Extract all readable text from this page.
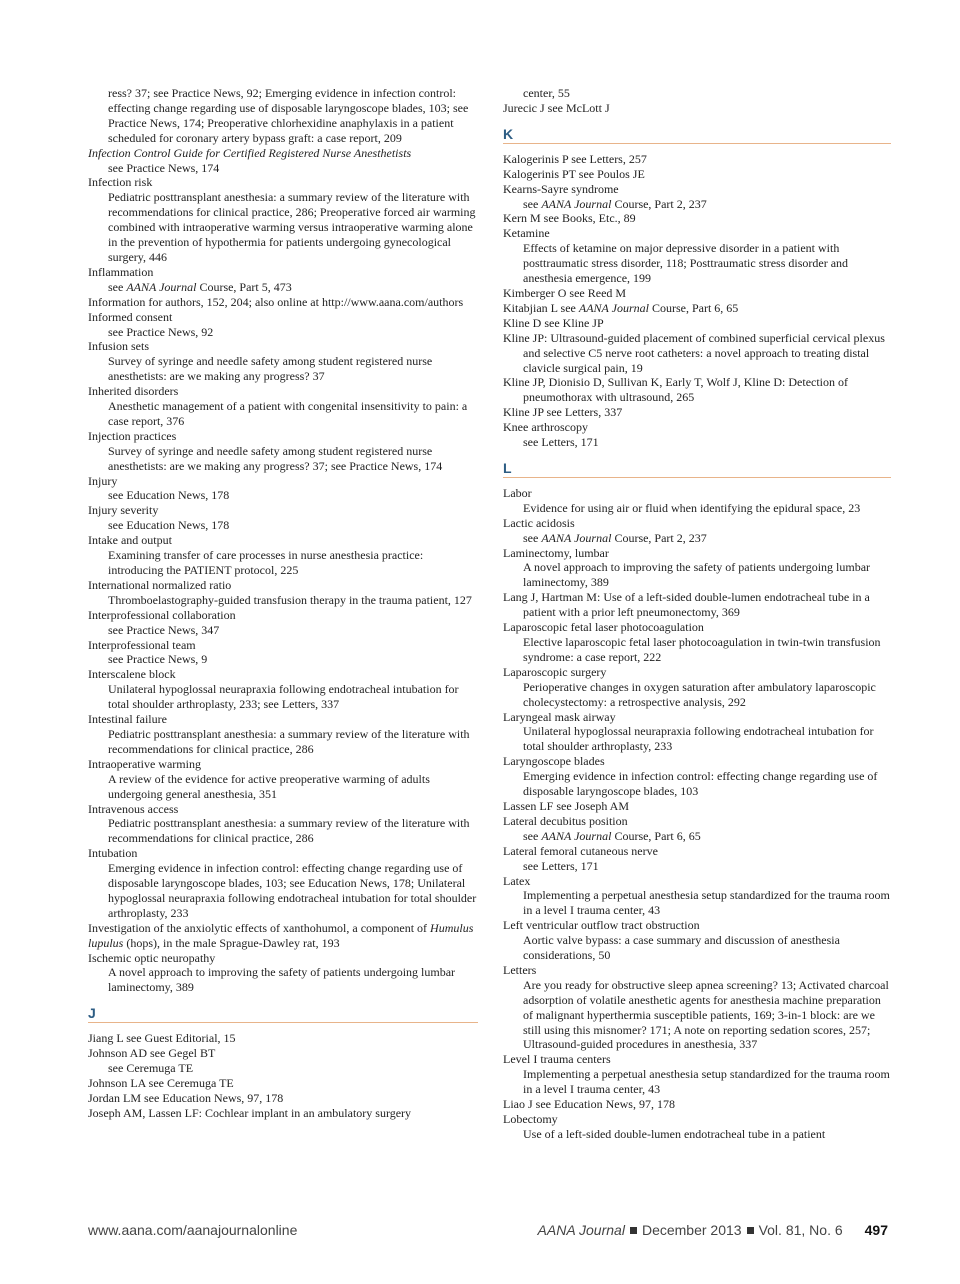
ress? 37; see Practice News, 92; Emerging evidence in infection control: effecting change regarding use of disposable laryngoscope blades, 103; see Practice News, 174; Preoperative chlorhexidine anaphylaxis in a patient scheduled for coronary artery bypass graft: a case report, 209
Infection Control Guide for Certified Registered Nurse Anesthetists
see Practice News, 174
Infection risk
Pediatric posttransplant anesthesia: a summary review of the literature with recommendations for clinical practice, 286; Preoperative forced air warming combined with intraoperative warming versus intraoperative warming alone in the prevention of hypothermia for patients undergoing gynecological surgery, 446
Inflammation
see AANA Journal Course, Part 5, 473
Information for authors, 152, 204; also online at http://www.aana.com/authors
Informed consent
see Practice News, 92
Infusion sets
Survey of syringe and needle safety among student registered nurse anesthetists: are we making any progress? 37
Inherited disorders
Anesthetic management of a patient with congenital insensitivity to pain: a case report, 376
Injection practices
Survey of syringe and needle safety among student registered nurse anesthetists: are we making any progress? 37; see Practice News, 174
Injury
see Education News, 178
Injury severity
see Education News, 178
Intake and output
Examining transfer of care processes in nurse anesthesia practice: introducing the PATIENT protocol, 225
International normalized ratio
Thromboelastography-guided transfusion therapy in the trauma patient, 127
Interprofessional collaboration
see Practice News, 347
Interprofessional team
see Practice News, 9
Interscalene block
Unilateral hypoglossal neurapraxia following endotracheal intubation for total shoulder arthroplasty, 233; see Letters, 337
Intestinal failure
Pediatric posttransplant anesthesia: a summary review of the literature with recommendations for clinical practice, 286
Intraoperative warming
A review of the evidence for active preoperative warming of adults undergoing general anesthesia, 351
Intravenous access
Pediatric posttransplant anesthesia: a summary review of the literature with recommendations for clinical practice, 286
Intubation
Emerging evidence in infection control: effecting change regarding use of disposable laryngoscope blades, 103; see Education News, 178; Unilateral hypoglossal neurapraxia following endotracheal intubation for total shoulder arthroplasty, 233
Investigation of the anxiolytic effects of xanthohumol, a component of Humulus lupulus (hops), in the male Sprague-Dawley rat, 193
Ischemic optic neuropathy
A novel approach to improving the safety of patients undergoing lumbar laminectomy, 389
J
Jiang L see Guest Editorial, 15
Johnson AD see Gegel BT
see Ceremuga TE
Johnson LA see Ceremuga TE
Jordan LM see Education News, 97, 178
Joseph AM, Lassen LF: Cochlear implant in an ambulatory surgery
center, 55
Jurecic J see McLott J
K
Kalogerinis P see Letters, 257
Kalogerinis PT see Poulos JE
Kearns-Sayre syndrome
see AANA Journal Course, Part 2, 237
Kern M see Books, Etc., 89
Ketamine
Effects of ketamine on major depressive disorder in a patient with posttraumatic stress disorder, 118; Posttraumatic stress disorder and anesthesia emergence, 199
Kimberger O see Reed M
Kitabjian L see AANA Journal Course, Part 6, 65
Kline D see Kline JP
Kline JP: Ultrasound-guided placement of combined superficial cervical plexus and selective C5 nerve root catheters: a novel approach to treating distal clavicle surgical pain, 19
Kline JP, Dionisio D, Sullivan K, Early T, Wolf J, Kline D: Detection of pneumothorax with ultrasound, 265
Kline JP see Letters, 337
Knee arthroscopy
see Letters, 171
L
Labor
Evidence for using air or fluid when identifying the epidural space, 23
Lactic acidosis
see AANA Journal Course, Part 2, 237
Laminectomy, lumbar
A novel approach to improving the safety of patients undergoing lumbar laminectomy, 389
Lang J, Hartman M: Use of a left-sided double-lumen endotracheal tube in a patient with a prior left pneumonectomy, 369
Laparoscopic fetal laser photocoagulation
Elective laparoscopic fetal laser photocoagulation in twin-twin transfusion syndrome: a case report, 222
Laparoscopic surgery
Perioperative changes in oxygen saturation after ambulatory laparoscopic cholecystectomy: a retrospective analysis, 292
Laryngeal mask airway
Unilateral hypoglossal neurapraxia following endotracheal intubation for total shoulder arthroplasty, 233
Laryngoscope blades
Emerging evidence in infection control: effecting change regarding use of disposable laryngoscope blades, 103
Lassen LF see Joseph AM
Lateral decubitus position
see AANA Journal Course, Part 6, 65
Lateral femoral cutaneous nerve
see Letters, 171
Latex
Implementing a perpetual anesthesia setup standardized for the trauma room in a level I trauma center, 43
Left ventricular outflow tract obstruction
Aortic valve bypass: a case summary and discussion of anesthesia considerations, 50
Letters
Are you ready for obstructive sleep apnea screening? 13; Activated charcoal adsorption of volatile anesthetic agents for anesthesia machine preparation of malignant hyperthermia susceptible patients, 169; 3-in-1 block: are we still using this misnomer? 171; A note on reporting sedation scores, 257; Ultrasound-guided procedures in anesthesia, 337
Level I trauma centers
Implementing a perpetual anesthesia setup standardized for the trauma room in a level I trauma center, 43
Liao J see Education News, 97, 178
Lobectomy
Use of a left-sided double-lumen endotracheal tube in a patient
www.aana.com/aanajournalonline	AANA Journal December 2013 Vol. 81, No. 6 497
